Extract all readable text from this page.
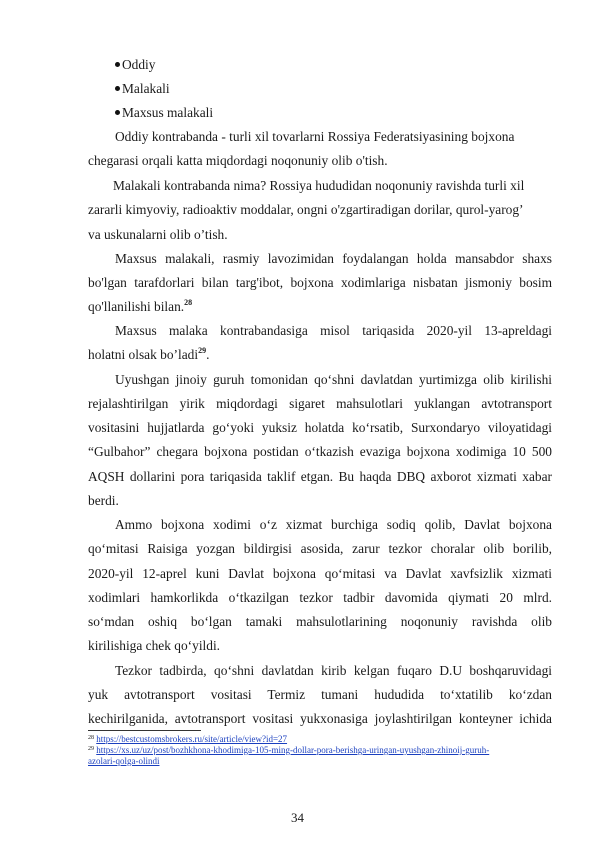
Oddiy
Malakali
Maxsus malakali
Oddiy kontrabanda - turli xil tovarlarni Rossiya Federatsiyasining bojxona
chegarasi orqali katta miqdordagi noqonuniy olib o'tish.
Malakali kontrabanda nima? Rossiya hududidan noqonuniy ravishda turli xil
zararli kimyoviy, radioaktiv moddalar, ongni o'zgartiradigan dorilar, qurol-yarog’
va uskunalarni olib o’tish.
Maxsus malakali, rasmiy lavozimidan foydalangan holda mansabdor shaxs
bo'lgan tarafdorlari bilan targ'ibot, bojxona xodimlariga nisbatan jismoniy bosim
qo'llanilishi bilan.$^{28}$
Maxsus malaka kontrabandasiga misol tariqasida 2020-yil 13-apreldagi
holatni olsak bo’ladi$^{29}$.
Uyushgan jinoiy guruh tomonidan qo‘shni davlatdan yurtimizga olib kirilishi
rejalashtirilgan yirik miqdordagi sigaret mahsulotlari yuklangan avtotransport
vositasini hujjatlarda go‘yoki yuksiz holatda ko‘rsatib, Surxondaryo viloyatidagi
“Gulbahor” chegara bojxona postidan o‘tkazish evaziga bojxona xodimiga 10 500
AQSH dollarini pora tariqasida taklif etgan. Bu haqda DBQ axborot xizmati xabar
berdi.
Ammo bojxona xodimi o‘z xizmat burchiga sodiq qolib, Davlat bojxona
qo‘mitasi Raisiga yozgan bildirgisi asosida, zarur tezkor choralar olib borilib,
2020-yil 12-aprel kuni Davlat bojxona qo‘mitasi va Davlat xavfsizlik xizmati
xodimlari hamkorlikda o‘tkazilgan tezkor tadbir davomida qiymati 20 mlrd.
so‘mdan oshiq bo‘lgan tamaki mahsulotlarining noqonuniy ravishda olib
kirilishiga chek qo‘yildi.
Tezkor tadbirda, qo‘shni davlatdan kirib kelgan fuqaro D.U boshqaruvidagi
yuk avtotransport vositasi Termiz tumani hududida to‘xtatilib ko‘zdan
kechirilganida, avtotransport vositasi yukxonasiga joylashtirilgan konteyner ichida
$^{28}$ https://bestcustomsbrokers.ru/site/article/view?id=27
$^{29}$ https://xs.uz/uz/post/bozhkhona-khodimiga-105-ming-dollar-pora-berishga-uringan-uyushgan-zhinoij-guruh-
azolari-qolga-olindi
34
